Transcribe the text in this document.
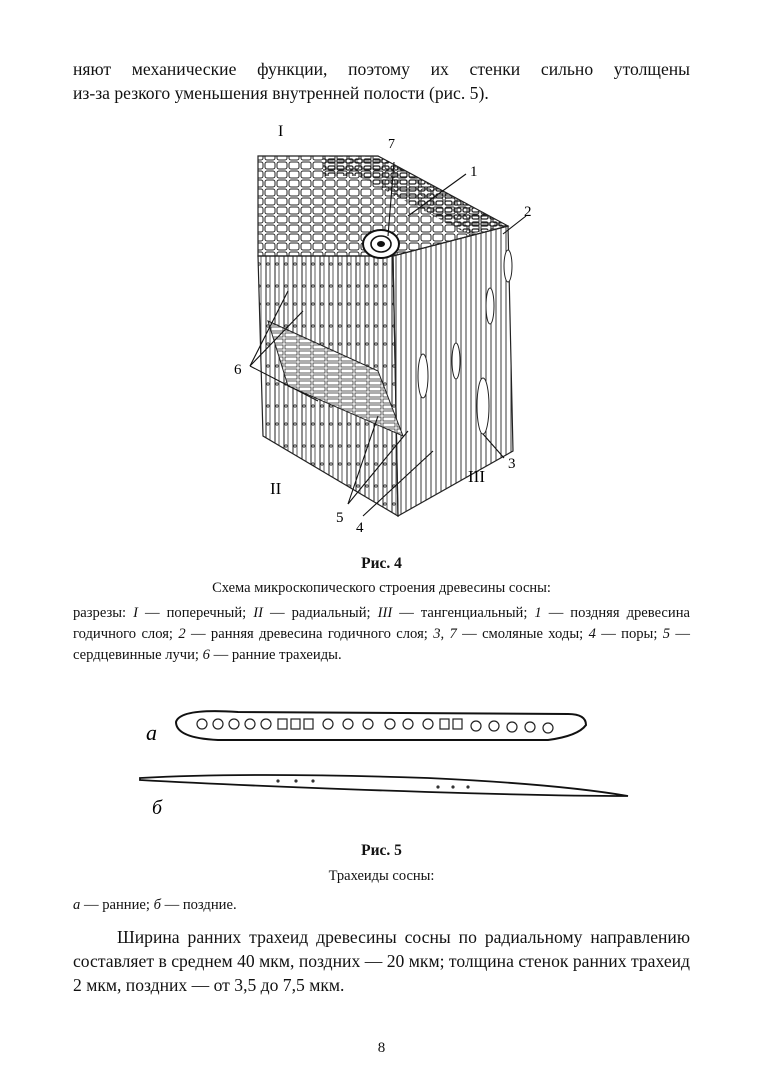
няют механические функции, поэтому их стенки сильно утолщены
из-за резкого уменьшения внутренней полости (рис. 5).
I
7
1
2
6
3
II
III
5
4
Рис. 4
Схема микроскопического строения древесины сосны:
разрезы: I — поперечный; II — радиальный; III — тангенциальный; 1 — поздняя древесина годичного слоя; 2 — ранняя древесина годичного слоя; 3, 7 — смоляные ходы; 4 — поры; 5 — сердцевинные лучи; 6 — ранние трахеиды.
а
б
Рис. 5
Трахеиды сосны:
а — ранние; б — поздние.
Ширина ранних трахеид древесины сосны по радиальному направлению составляет в среднем 40 мкм, поздних — 20 мкм; толщина стенок ранних трахеид 2 мкм, поздних — от 3,5 до 7,5 мкм.
8
